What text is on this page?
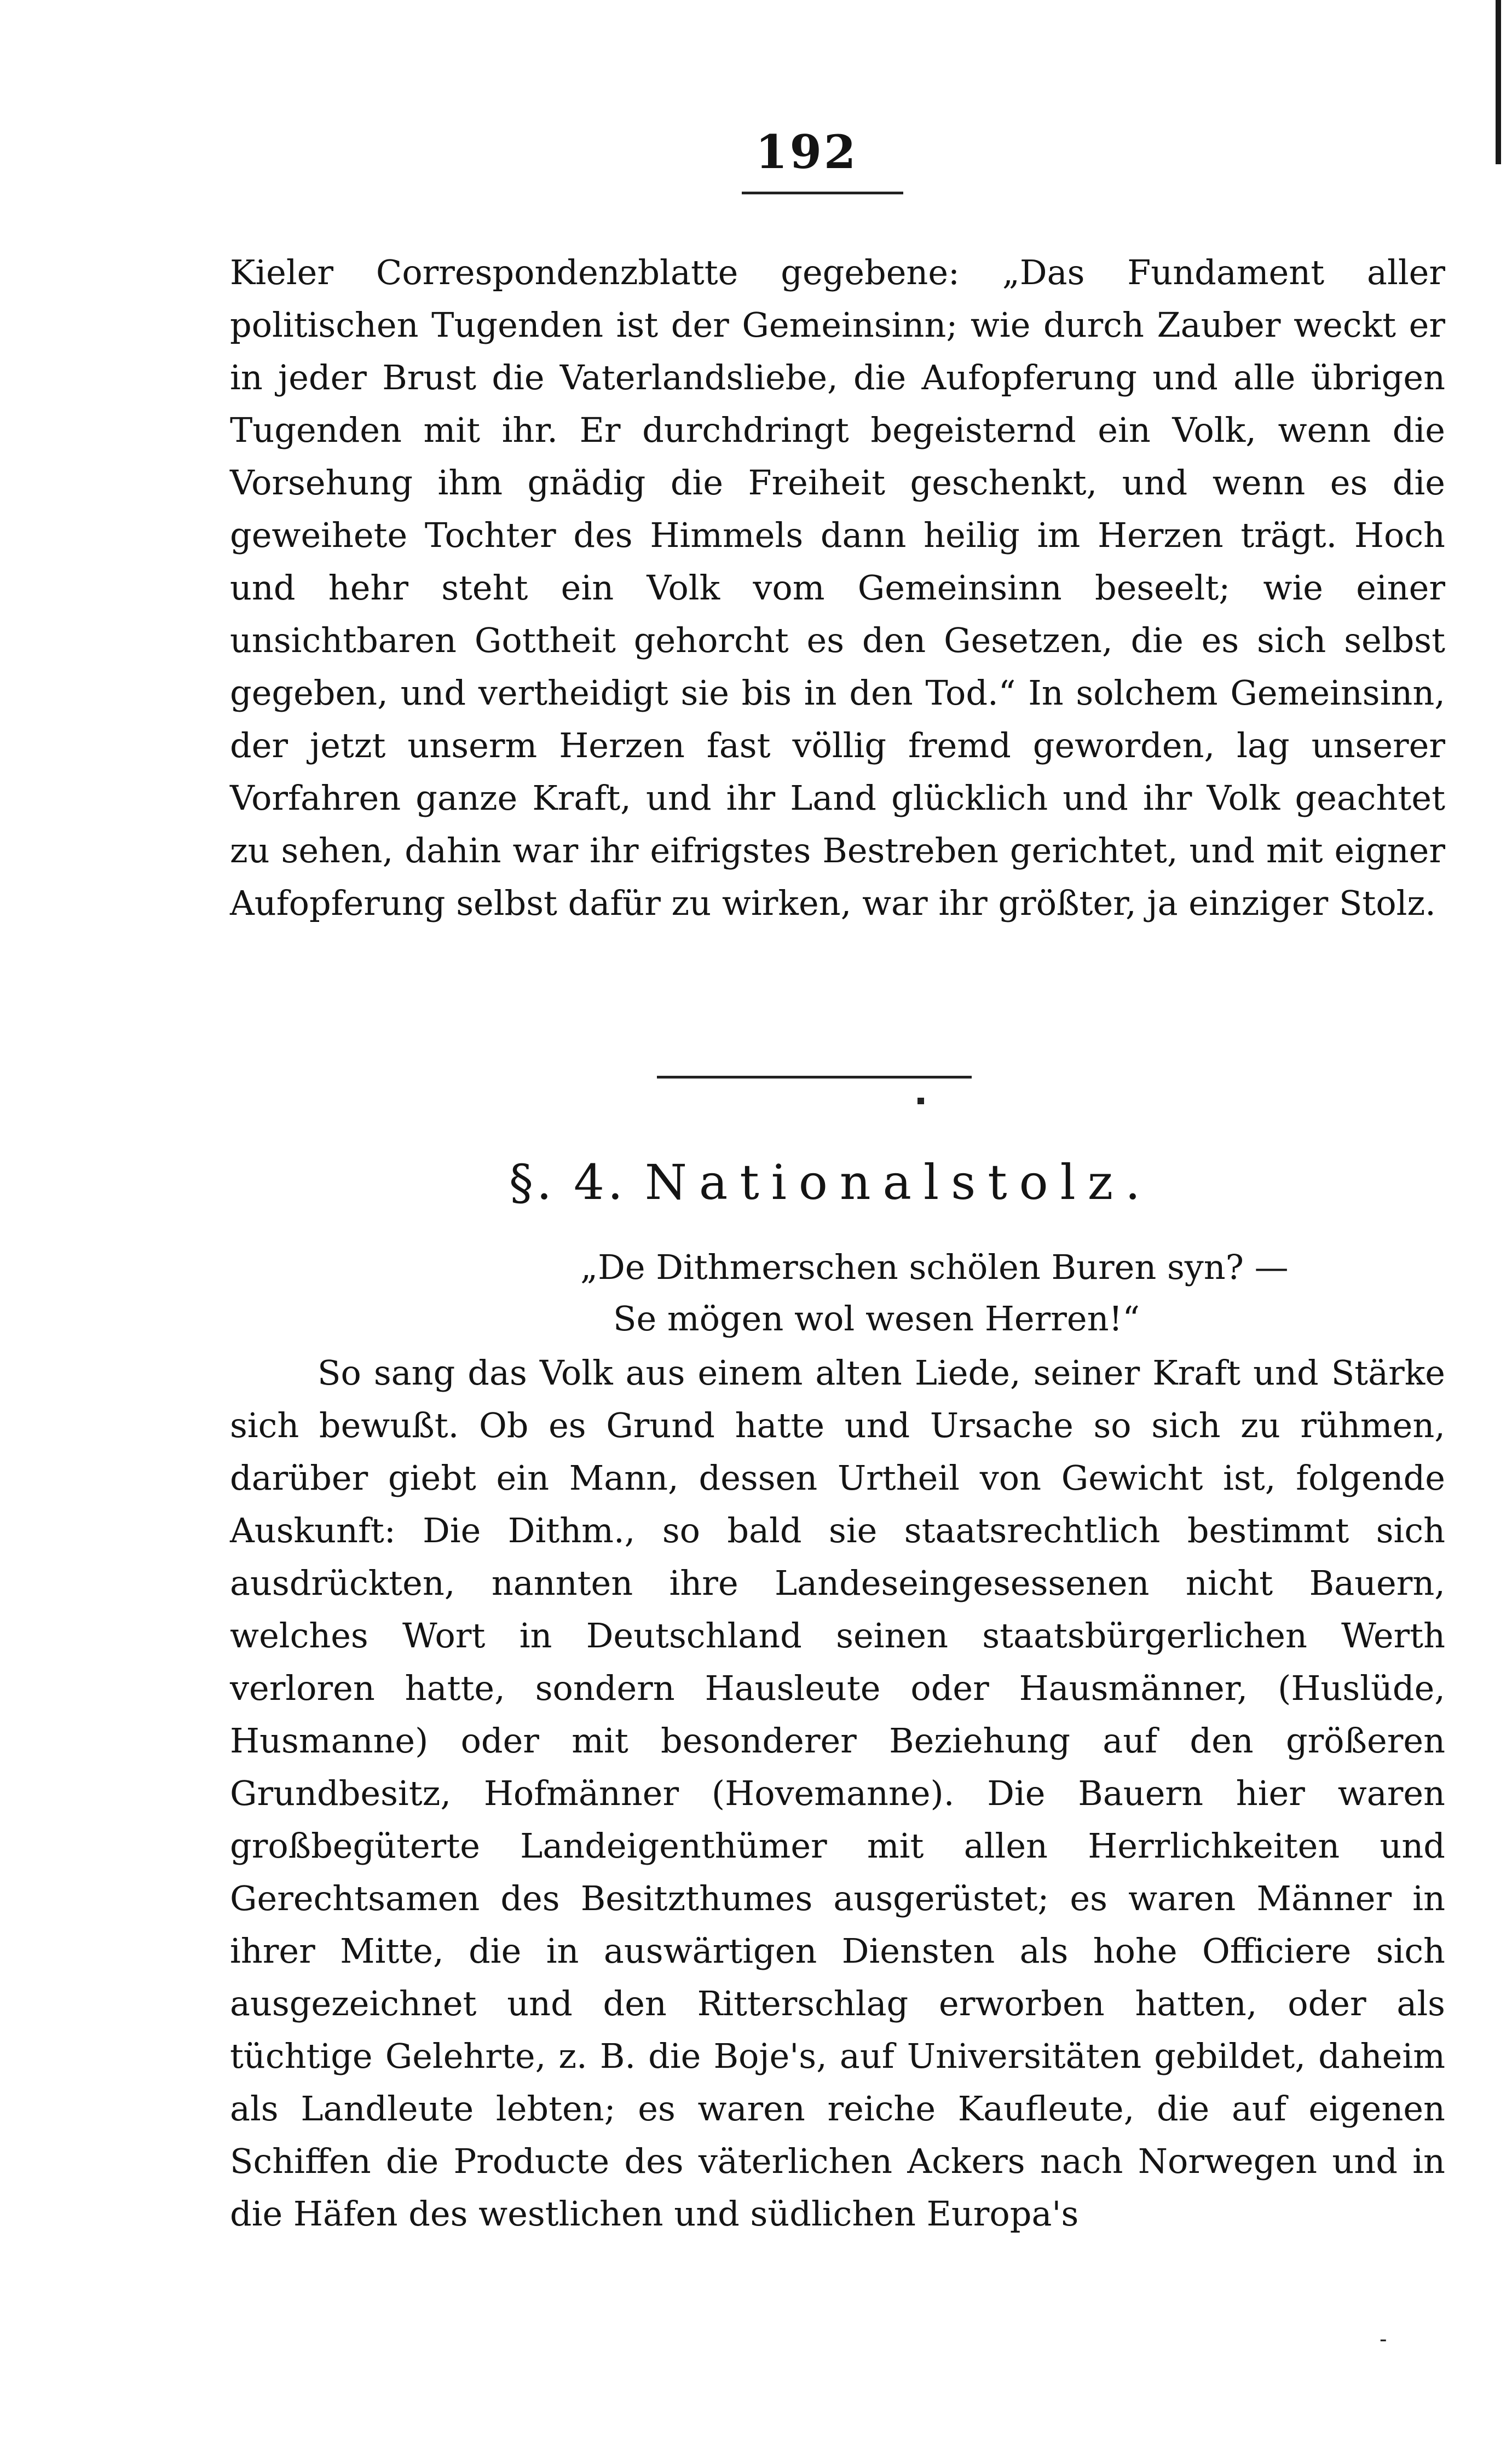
192

Kieler Correspondenzblatte gegebene: „Das Fundament aller politischen Tugenden ist der Gemeinsinn; wie durch Zauber weckt er in jeder Brust die Vaterlandsliebe, die Aufopferung und alle übrigen Tugenden mit ihr. Er durchdringt begeisternd ein Volk, wenn die Vorsehung ihm gnädig die Freiheit geschenkt, und wenn es die geweihete Tochter des Himmels dann heilig im Herzen trägt. Hoch und hehr steht ein Volk vom Gemeinsinn beseelt; wie einer unsichtbaren Gottheit gehorcht es den Gesetzen, die es sich selbst gegeben, und vertheidigt sie bis in den Tod.“ In solchem Gemeinsinn, der jetzt unserm Herzen fast völlig fremd geworden, lag unserer Vorfahren ganze Kraft, und ihr Land glücklich und ihr Volk geachtet zu sehen, dahin war ihr eifrigstes Bestreben gerichtet, und mit eigner Aufopferung selbst dafür zu wirken, war ihr größter, ja einziger Stolz.

§. 4. Nationalstolz.
„De Dithmerschen schölen Buren syn? —
Se mögen wol wesen Herren!“

So sang das Volk aus einem alten Liede, seiner Kraft und Stärke sich bewußt. Ob es Grund hatte und Ursache so sich zu rühmen, darüber giebt ein Mann, dessen Urtheil von Gewicht ist, folgende Auskunft: Die Dithm., so bald sie staatsrechtlich bestimmt sich ausdrückten, nannten ihre Landeseingesessenen nicht Bauern, welches Wort in Deutschland seinen staatsbürgerlichen Werth verloren hatte, sondern Hausleute oder Hausmänner, (Huslüde, Husmanne) oder mit besonderer Beziehung auf den größeren Grundbesitz, Hofmänner (Hovemanne). Die Bauern hier waren großbegüterte Landeigenthümer mit allen Herrlichkeiten und Gerechtsamen des Besitzthumes ausgerüstet; es waren Männer in ihrer Mitte, die in auswärtigen Diensten als hohe Officiere sich ausgezeichnet und den Ritterschlag erworben hatten, oder als tüchtige Gelehrte, z. B. die Boje's, auf Universitäten gebildet, daheim als Landleute lebten; es waren reiche Kaufleute, die auf eigenen Schiffen die Producte des väterlichen Ackers nach Norwegen und in die Häfen des westlichen und südlichen Europa's

-
